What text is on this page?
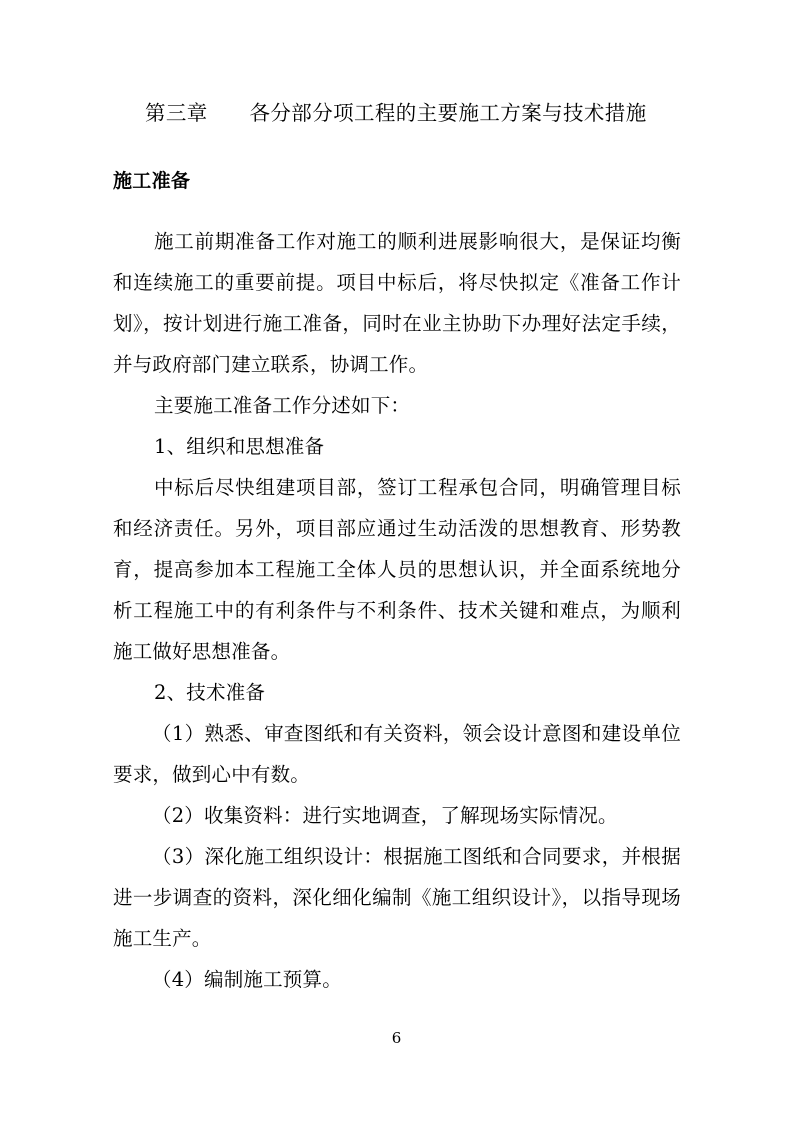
第三章　　各分部分项工程的主要施工方案与技术措施

施工准备

施工前期准备工作对施工的顺利进展影响很大，是保证均衡和连续施工的重要前提。项目中标后，将尽快拟定《准备工作计划》，按计划进行施工准备，同时在业主协助下办理好法定手续，并与政府部门建立联系，协调工作。

主要施工准备工作分述如下：

1、组织和思想准备

中标后尽快组建项目部，签订工程承包合同，明确管理目标和经济责任。另外，项目部应通过生动活泼的思想教育、形势教育，提高参加本工程施工全体人员的思想认识，并全面系统地分析工程施工中的有利条件与不利条件、技术关键和难点，为顺利施工做好思想准备。

2、技术准备

（1）熟悉、审查图纸和有关资料，领会设计意图和建设单位要求，做到心中有数。

（2）收集资料：进行实地调查，了解现场实际情况。

（3）深化施工组织设计：根据施工图纸和合同要求，并根据进一步调查的资料，深化细化编制《施工组织设计》，以指导现场施工生产。

（4）编制施工预算。

6
